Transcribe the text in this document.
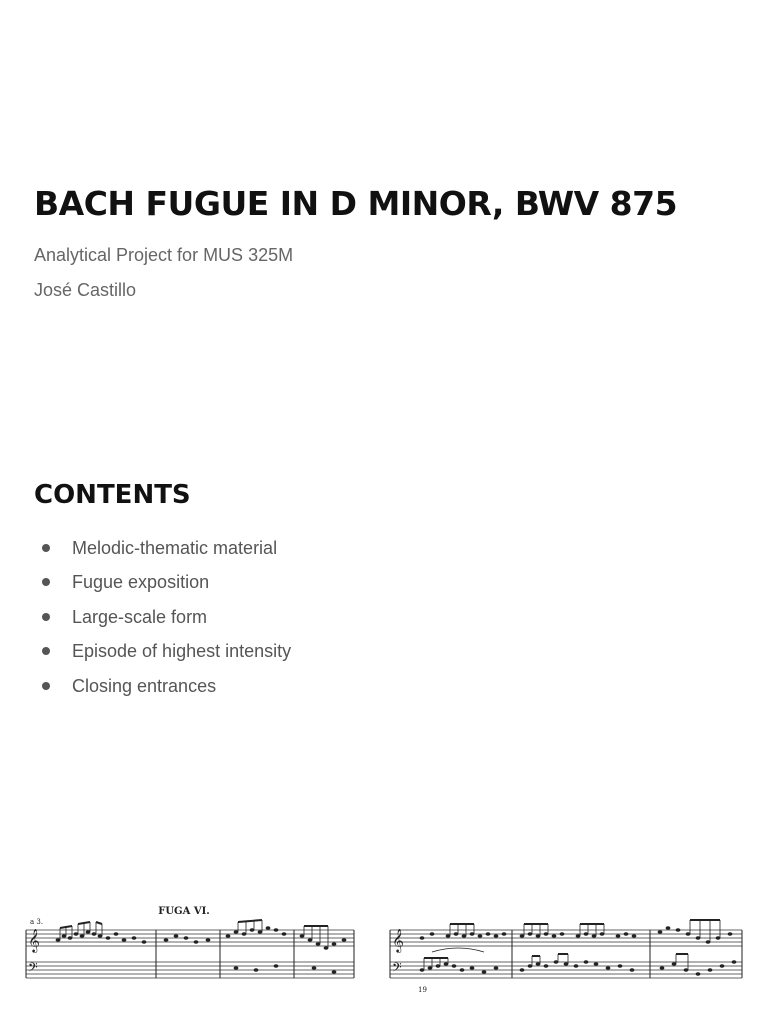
BACH FUGUE IN D MINOR, BWV 875

Analytical Project for MUS 325M

José Castillo

CONTENTS
Melodic-thematic material
Fugue exposition
Large-scale form
Episode of highest intensity
Closing entrances
FUGA VI.
a 3.
𝄞
𝄢
𝄞
𝄢
19
